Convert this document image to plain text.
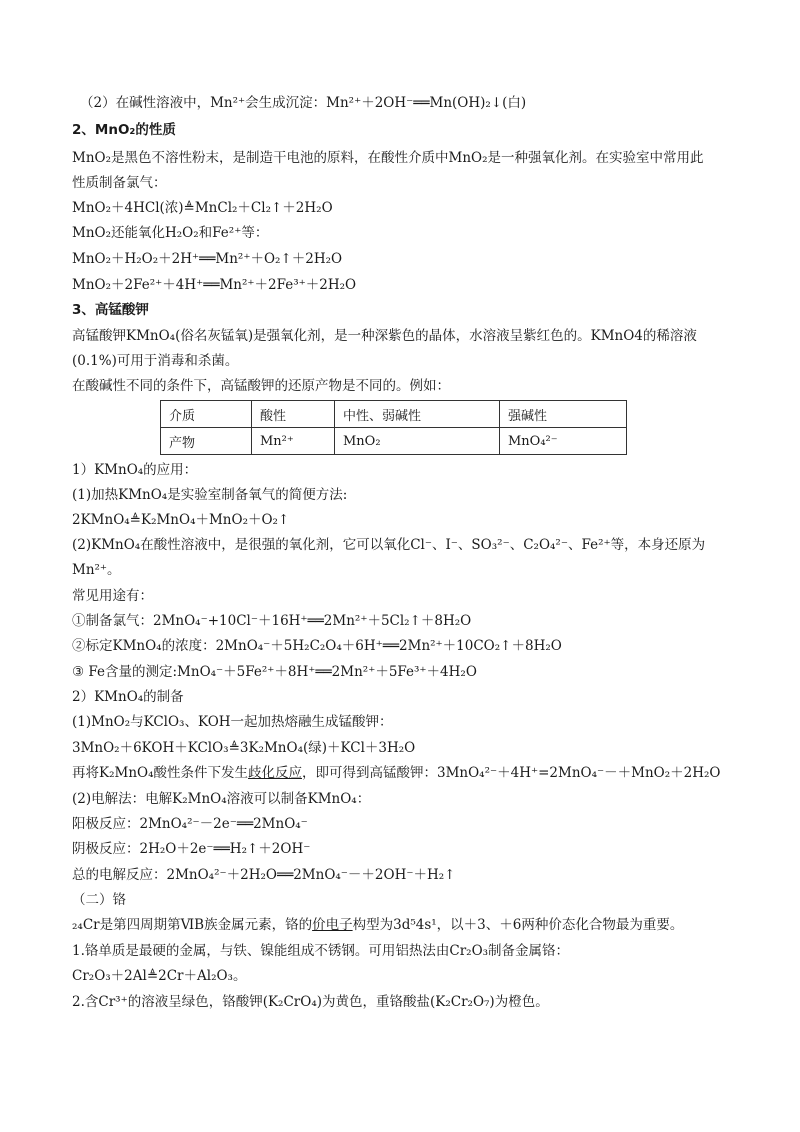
（2）在碱性溶液中，Mn²⁺会生成沉淀：Mn²⁺＋2OH⁻══Mn(OH)₂↓(白)
2、MnO₂的性质
MnO₂是黑色不溶性粉末，是制造干电池的原料，在酸性介质中MnO₂是一种强氧化剂。在实验室中常用此
性质制备氯气：
MnO₂＋4HCl(浓)≜MnCl₂＋Cl₂↑＋2H₂O
MnO₂还能氧化H₂O₂和Fe²⁺等：
MnO₂＋H₂O₂＋2H⁺══Mn²⁺＋O₂↑＋2H₂O
MnO₂＋2Fe²⁺＋4H⁺══Mn²⁺＋2Fe³⁺＋2H₂O
3、高锰酸钾
高锰酸钾KMnO₄(俗名灰锰氧)是强氧化剂，是一种深紫色的晶体，水溶液呈紫红色的。KMnO4的稀溶液
(0.1%)可用于消毒和杀菌。
在酸碱性不同的条件下，高锰酸钾的还原产物是不同的。例如：
介质	酸性	中性、弱碱性	强碱性
产物	Mn²⁺	MnO₂	MnO₄²⁻
1）KMnO₄的应用：
(1)加热KMnO₄是实验室制备氧气的简便方法:
2KMnO₄≜K₂MnO₄＋MnO₂＋O₂↑
(2)KMnO₄在酸性溶液中，是很强的氧化剂，它可以氧化Cl⁻、I⁻、SO₃²⁻、C₂O₄²⁻、Fe²⁺等，本身还原为
Mn²⁺。
常见用途有：
①制备氯气：2MnO₄⁻+10Cl⁻＋16H⁺══2Mn²⁺＋5Cl₂↑＋8H₂O
②标定KMnO₄的浓度：2MnO₄⁻＋5H₂C₂O₄＋6H⁺══2Mn²⁺＋10CO₂↑＋8H₂O
③ Fe含量的测定:MnO₄⁻＋5Fe²⁺＋8H⁺══2Mn²⁺＋5Fe³⁺＋4H₂O
2）KMnO₄的制备
(1)MnO₂与KClO₃、KOH一起加热熔融生成锰酸钾：
3MnO₂＋6KOH＋KClO₃≜3K₂MnO₄(绿)＋KCl＋3H₂O
再将K₂MnO₄酸性条件下发生歧化反应，即可得到高锰酸钾：3MnO₄²⁻＋4H⁺=2MnO₄⁻－＋MnO₂＋2H₂O
(2)电解法：电解K₂MnO₄溶液可以制备KMnO₄：
阳极反应：2MnO₄²⁻－2e⁻══2MnO₄⁻
阴极反应：2H₂O＋2e⁻══H₂↑＋2OH⁻
总的电解反应：2MnO₄²⁻＋2H₂O══2MnO₄⁻－＋2OH⁻＋H₂↑
（二）铬
₂₄Cr是第四周期第ⅥB族金属元素，铬的价电子构型为3d⁵4s¹，以＋3、＋6两种价态化合物最为重要。
1.铬单质是最硬的金属，与铁、镍能组成不锈钢。可用铝热法由Cr₂O₃制备金属铬：
Cr₂O₃＋2Al≜2Cr＋Al₂O₃。
2.含Cr³⁺的溶液呈绿色，铬酸钾(K₂CrO₄)为黄色，重铬酸盐(K₂Cr₂O₇)为橙色。
